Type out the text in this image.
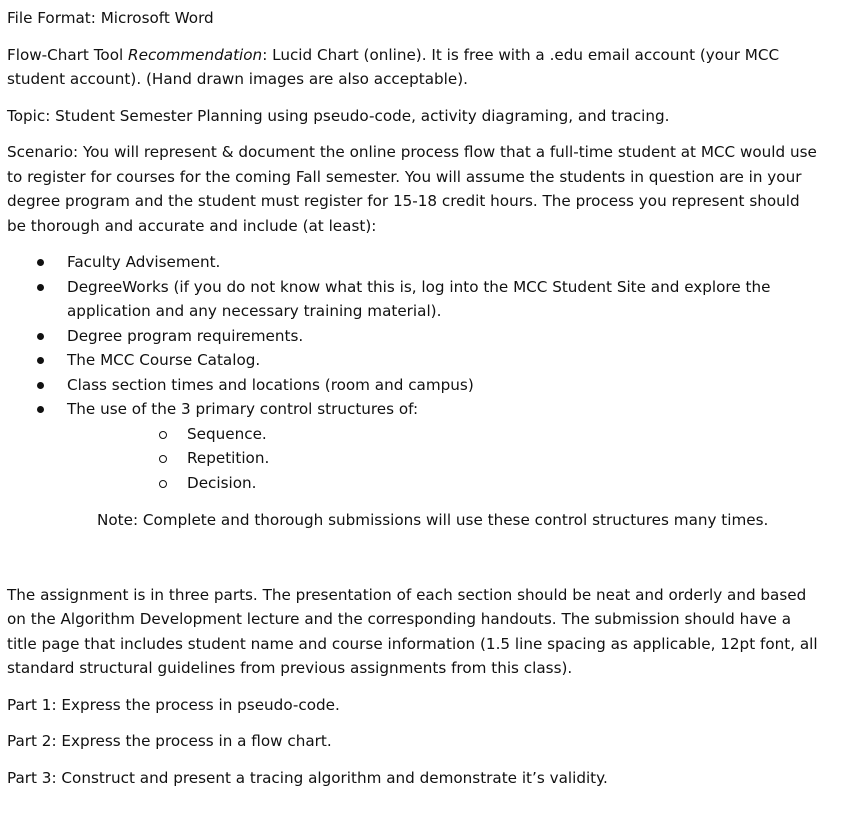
File Format: Microsoft Word

Flow-Chart Tool Recommendation: Lucid Chart (online). It is free with a .edu email account (your MCC student account). (Hand drawn images are also acceptable).

Topic: Student Semester Planning using pseudo-code, activity diagraming, and tracing.

Scenario: You will represent & document the online process flow that a full-time student at MCC would use to register for courses for the coming Fall semester. You will assume the students in question are in your degree program and the student must register for 15-18 credit hours. The process you represent should be thorough and accurate and include (at least):

Faculty Advisement.
DegreeWorks (if you do not know what this is, log into the MCC Student Site and explore the application and any necessary training material).
Degree program requirements.
The MCC Course Catalog.
Class section times and locations (room and campus)
The use of the 3 primary control structures of:
Sequence.
Repetition.
Decision.

Note: Complete and thorough submissions will use these control structures many times.

The assignment is in three parts. The presentation of each section should be neat and orderly and based on the Algorithm Development lecture and the corresponding handouts. The submission should have a title page that includes student name and course information (1.5 line spacing as applicable, 12pt font, all standard structural guidelines from previous assignments from this class).

Part 1: Express the process in pseudo-code.

Part 2: Express the process in a flow chart.

Part 3: Construct and present a tracing algorithm and demonstrate it’s validity.
